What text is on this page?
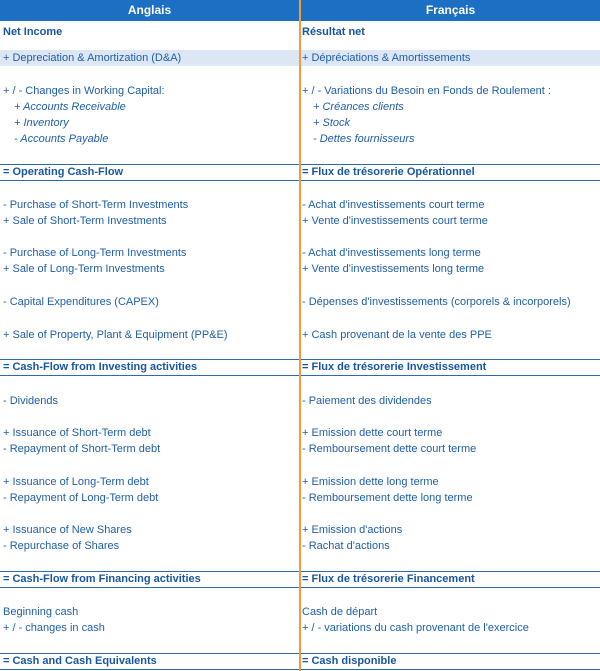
Anglais	Français
Net Income	Résultat net
+ Depreciation & Amortization (D&A)	+ Dépréciations & Amortissements
+ / - Changes in Working Capital:	+ / - Variations du Besoin en Fonds de Roulement :
+ Accounts Receivable	+ Créances clients
+ Inventory	+ Stock
- Accounts Payable	- Dettes fournisseurs
= Operating Cash-Flow	= Flux de trésorerie Opérationnel
- Purchase of Short-Term Investments	- Achat d'investissements court terme
+ Sale of Short-Term Investments	+ Vente d'investissements court terme
- Purchase of Long-Term Investments	- Achat d'investissements long terme
+ Sale of Long-Term Investments	+ Vente d'investissements long terme
- Capital Expenditures (CAPEX)	- Dépenses d'investissements (corporels & incorporels)
+ Sale of Property, Plant & Equipment (PP&E)	+ Cash provenant de la vente des PPE
= Cash-Flow from Investing activities	= Flux de trésorerie Investissement
- Dividends	- Paiement des dividendes
+ Issuance of Short-Term debt	+ Emission dette court terme
- Repayment of Short-Term debt	- Remboursement dette court terme
+ Issuance of Long-Term debt	+ Emission dette long terme
- Repayment of Long-Term debt	- Remboursement dette long terme
+ Issuance of New Shares	+ Emission d'actions
- Repurchase of Shares	- Rachat d'actions
= Cash-Flow from Financing activities	= Flux de trésorerie Financement
Beginning cash	Cash de départ
+ / - changes in cash	+ / - variations du cash provenant de l'exercice
= Cash and Cash Equivalents	= Cash disponible
